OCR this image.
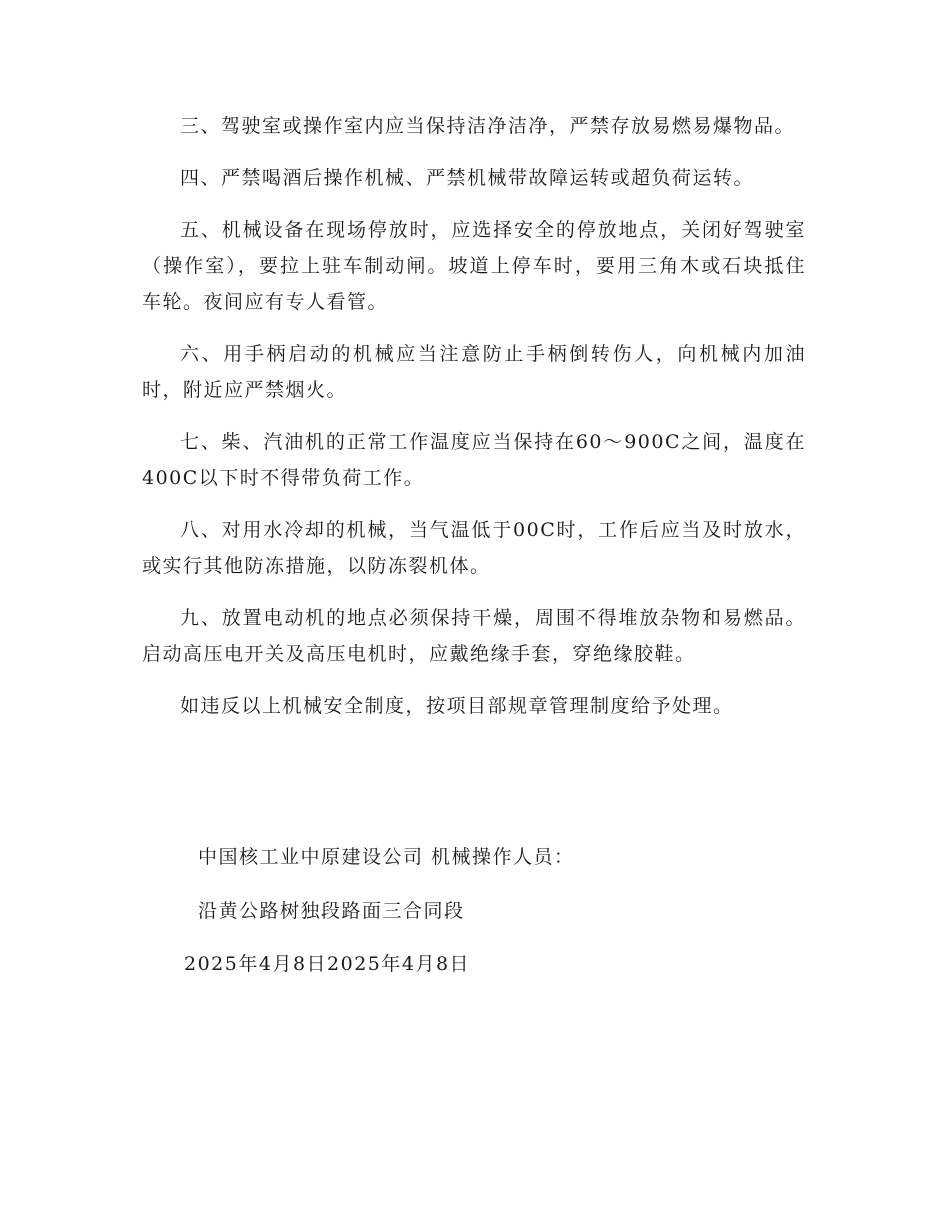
三、驾驶室或操作室内应当保持洁净洁净，严禁存放易燃易爆物品。

四、严禁喝酒后操作机械、严禁机械带故障运转或超负荷运转。

五、机械设备在现场停放时，应选择安全的停放地点，关闭好驾驶室（操作室），要拉上驻车制动闸。坡道上停车时，要用三角木或石块抵住车轮。夜间应有专人看管。

六、用手柄启动的机械应当注意防止手柄倒转伤人，向机械内加油时，附近应严禁烟火。

七、柴、汽油机的正常工作温度应当保持在60～900C之间，温度在400C以下时不得带负荷工作。

八、对用水冷却的机械，当气温低于00C时，工作后应当及时放水，或实行其他防冻措施，以防冻裂机体。

九、放置电动机的地点必须保持干燥，周围不得堆放杂物和易燃品。启动高压电开关及高压电机时，应戴绝缘手套，穿绝缘胶鞋。

如违反以上机械安全制度，按项目部规章管理制度给予处理。

中国核工业中原建设公司 机械操作人员：
沿黄公路树独段路面三合同段
2025年4月8日2025年4月8日
